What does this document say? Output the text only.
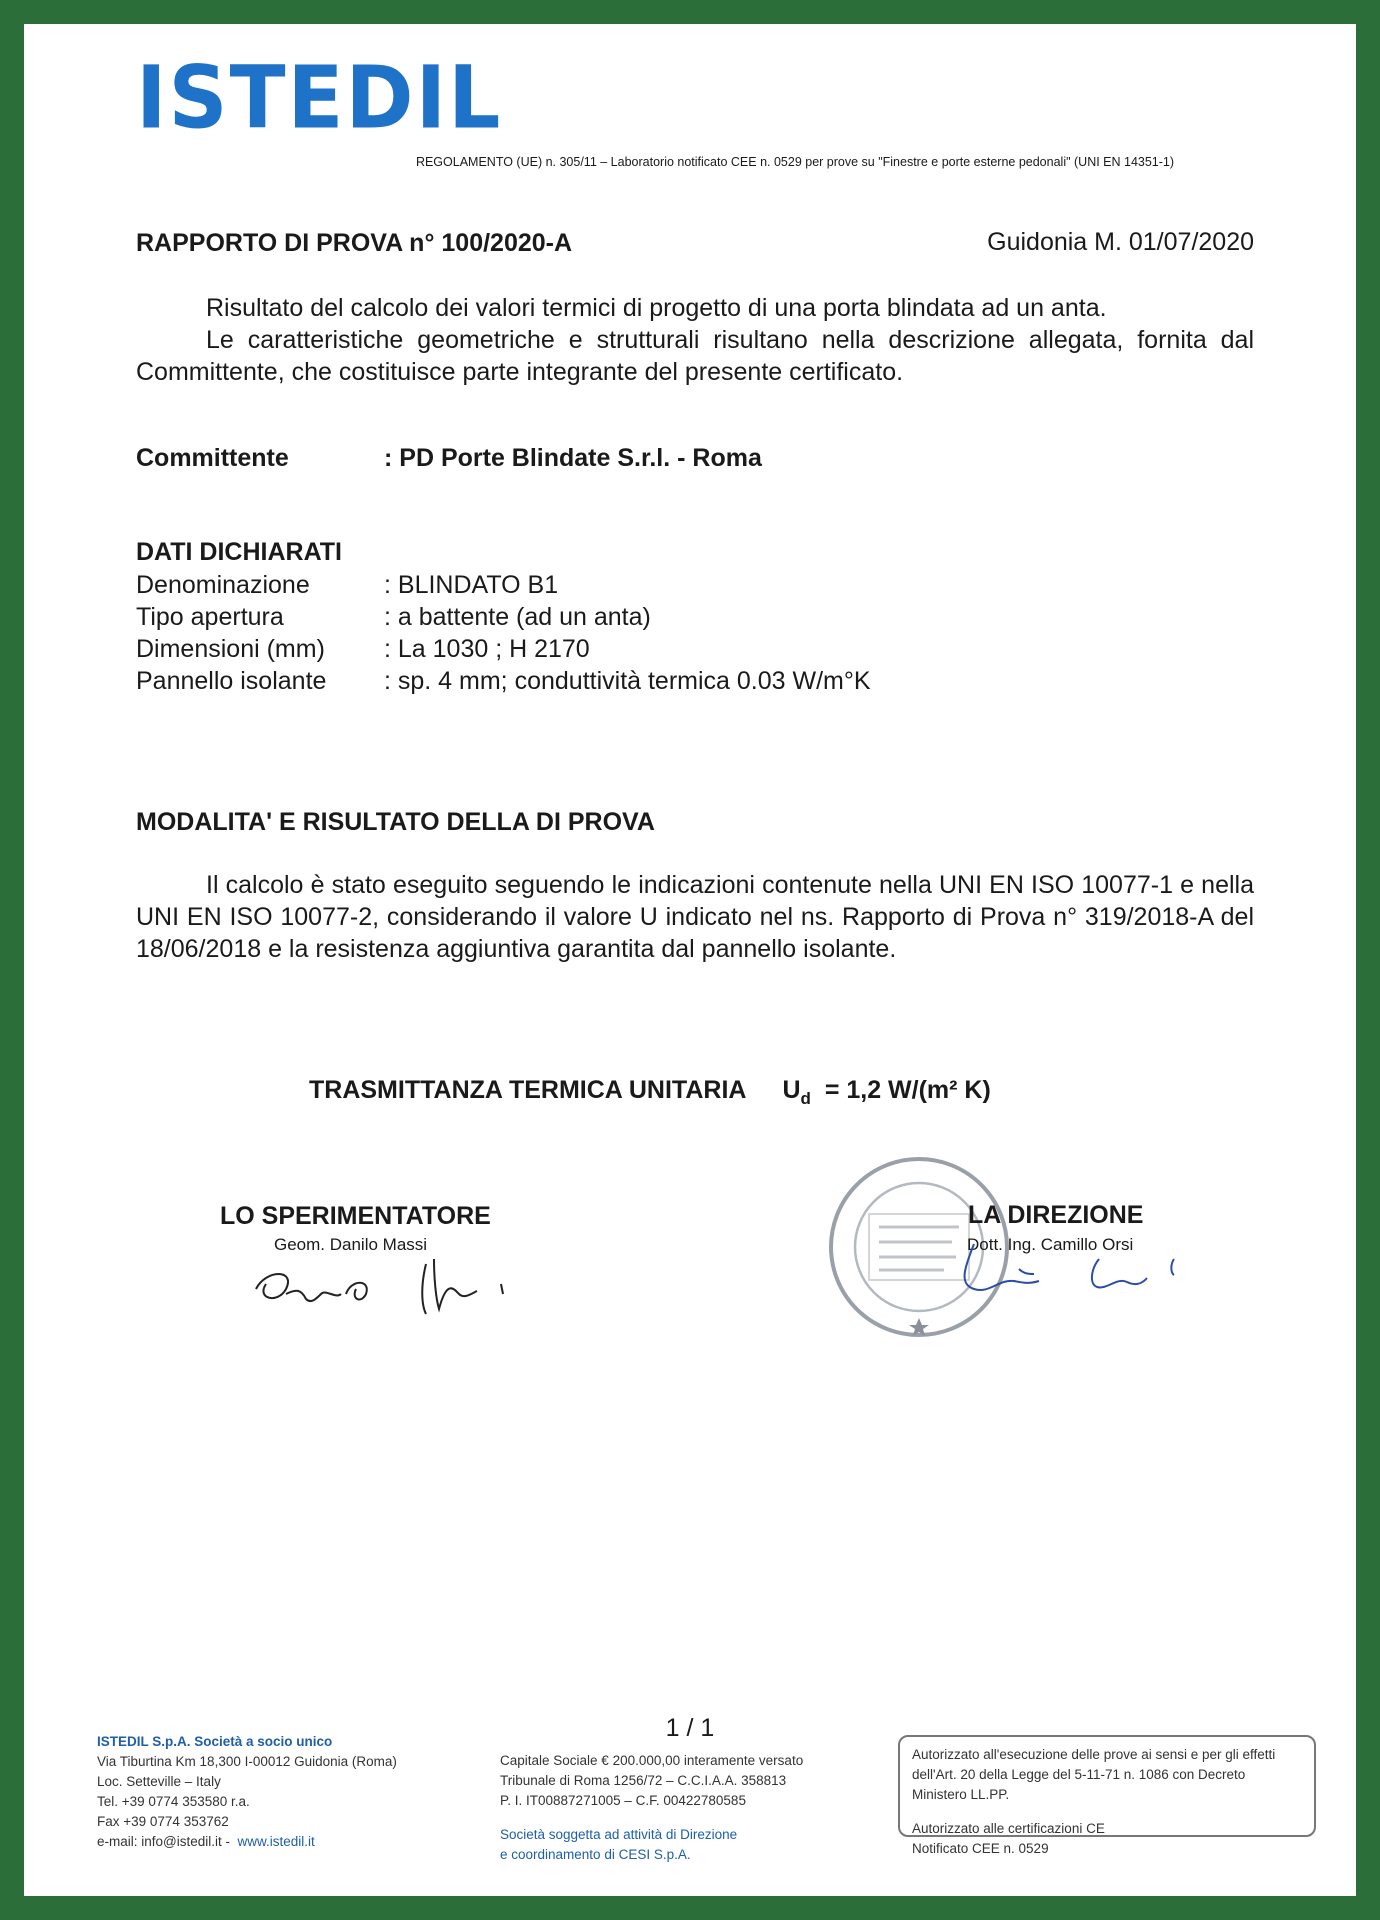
ISTEDIL
REGOLAMENTO (UE) n. 305/11 – Laboratorio notificato CEE n. 0529 per prove su "Finestre e porte esterne pedonali" (UNI EN 14351-1)
RAPPORTO DI PROVA n° 100/2020-A	Guidonia M. 01/07/2020

Risultato del calcolo dei valori termici di progetto di una porta blindata ad un anta.

Le caratteristiche geometriche e strutturali risultano nella descrizione allegata, fornita dal Committente, che costituisce parte integrante del presente certificato.

Committente	: PD Porte Blindate S.r.l. - Roma
DATI DICHIARATI
Denominazione	: BLINDATO B1
Tipo apertura	: a battente (ad un anta)
Dimensioni (mm) : La 1030 ; H 2170
Pannello isolante : sp. 4 mm; conduttività termica 0.03 W/m°K
MODALITA' E RISULTATO DELLA DI PROVA

Il calcolo è stato eseguito seguendo le indicazioni contenute nella UNI EN ISO 10077-1 e nella UNI EN ISO 10077-2, considerando il valore U indicato nel ns. Rapporto di Prova n° 319/2018-A del 18/06/2018 e la resistenza aggiuntiva garantita dal pannello isolante.

TRASMITTANZA TERMICA UNITARIA $U_d = 1,2$ W/(m² K)
LO SPERIMENTATORE
Geom. Danilo Massi
LA DIREZIONE
Dott. Ing. Camillo Orsi
1 / 1
ISTEDIL S.p.A. Società a socio unico
Via Tiburtina Km 18,300 I-00012 Guidonia (Roma)
Loc. Setteville – Italy
Tel. +39 0774 353580 r.a.
Fax +39 0774 353762
e-mail: info@istedil.it -  www.istedil.it
Capitale Sociale € 200.000,00 interamente versato
Tribunale di Roma 1256/72 – C.C.I.A.A. 358813
P. I. IT00887271005 – C.F. 00422780585
Società soggetta ad attività di Direzione
e coordinamento di CESI S.p.A.
Autorizzato all'esecuzione delle prove ai sensi e per gli effetti dell'Art. 20 della Legge del 5-11-71 n. 1086 con Decreto Ministero LL.PP.
Autorizzato alle certificazioni CE
Notificato CEE n. 0529
